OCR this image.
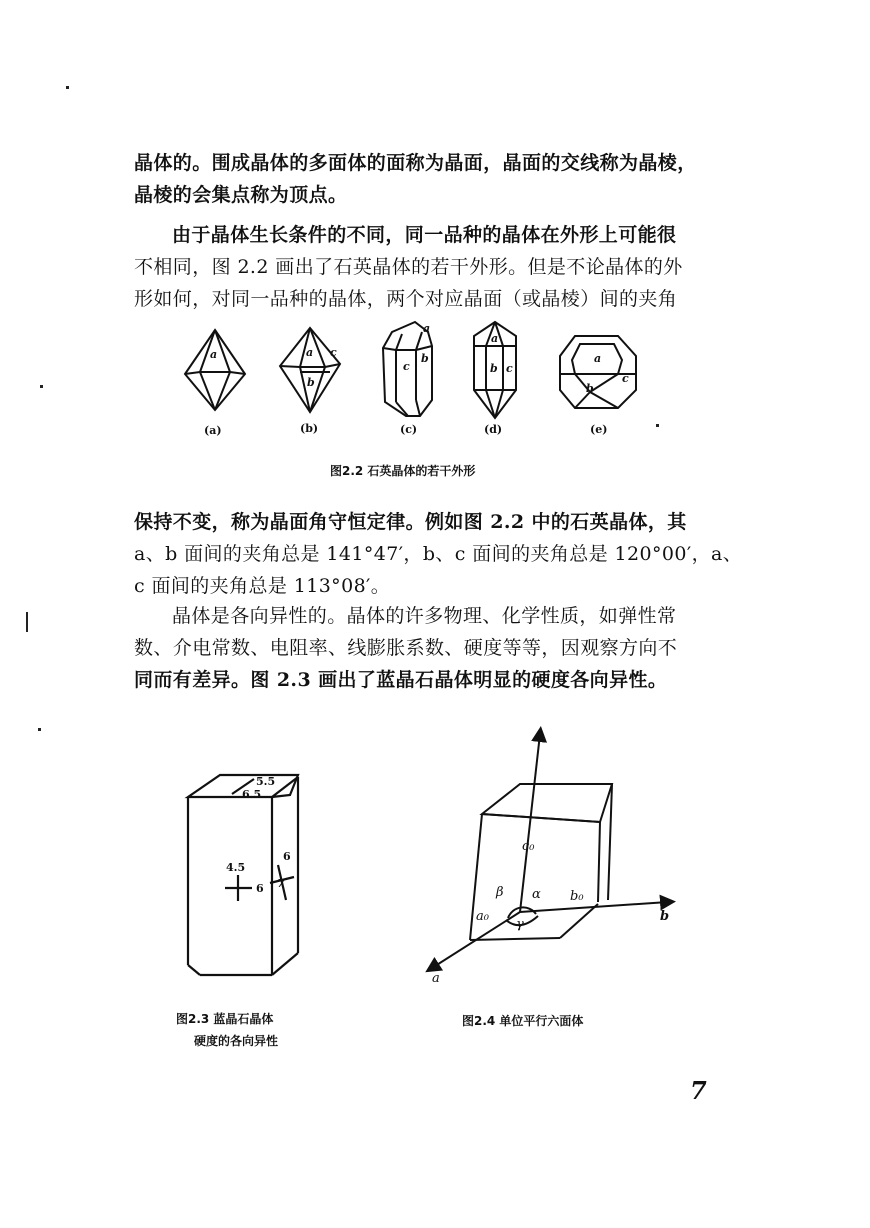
晶体的。围成晶体的多面体的面称为晶面，晶面的交线称为晶棱，
晶棱的会集点称为顶点。

由于晶体生长条件的不同，同一品种的晶体在外形上可能很
不相同，图 2.2 画出了石英晶体的若干外形。但是不论晶体的外
形如何，对同一品种的晶体，两个对应晶面（或晶棱）间的夹角

a	a c
b
a
c
b
a
b c
a
b
c
(a)	(b)	(c)	(d)	(e)
图2.2 石英晶体的若干外形

保持不变，称为晶面角守恒定律。例如图 2.2 中的石英晶体，其
a、b 面间的夹角总是 141°47′，b、c 面间的夹角总是 120°00′，a、
c 面间的夹角总是 113°08′。

晶体是各向异性的。晶体的许多物理、化学性质，如弹性常
数、介电常数、电阻率、线膨胀系数、硬度等等，因观察方向不
同而有差异。图 2.3 画出了蓝晶石晶体明显的硬度各向异性。

5.5
6.5
4.5
6
6
7
图2.3 蓝晶石晶体
硬度的各向异性
c
b
a
c₀
b₀
a₀
α
β
γ
图2.4 单位平行六面体
7
